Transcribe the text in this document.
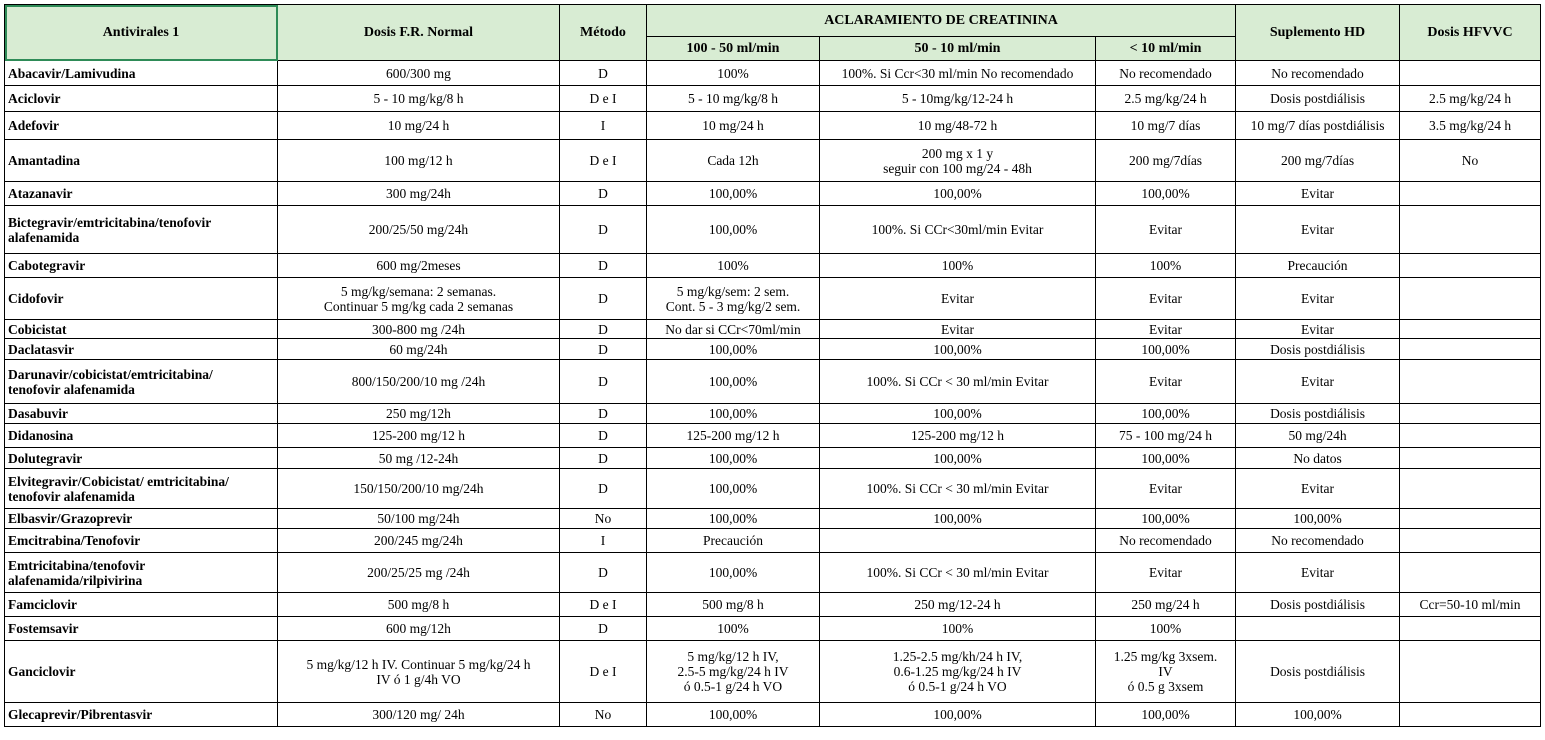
Antivirales 1	Dosis F.R. Normal	Método	ACLARAMIENTO DE CREATININA			Suplemento HD	Dosis HFVVC
			100 - 50 ml/min	50 - 10 ml/min	< 10 ml/min		

Abacavir/Lamivudina	600/300 mg	D	100%	100%. Si Ccr<30 ml/min No recomendado	No recomendado	No recomendado	

Aciclovir	5 - 10 mg/kg/8 h	D e I	5 - 10 mg/kg/8 h	5 - 10mg/kg/12-24 h	2.5 mg/kg/24 h	Dosis postdiálisis	2.5 mg/kg/24 h

Adefovir	10 mg/24 h	I	10 mg/24 h	10 mg/48-72 h	10 mg/7 días	10 mg/7 días postdiálisis	3.5 mg/kg/24 h

Amantadina	100 mg/12 h	D e I	Cada 12h	200 mg x 1 y
seguir con 100 mg/24 - 48h	200 mg/7días	200 mg/7días	No

Atazanavir	300 mg/24h	D	100,00%	100,00%	100,00%	Evitar	

Bictegravir/emtricitabina/tenofovir
alafenamida	200/25/50 mg/24h	D	100,00%	100%. Si CCr<30ml/min Evitar	Evitar	Evitar	

Cabotegravir	600 mg/2meses	D	100%	100%	100%	Precaución	

Cidofovir	5 mg/kg/semana: 2 semanas.
Continuar 5 mg/kg cada 2 semanas	D	5 mg/kg/sem: 2 sem.
Cont. 5 - 3 mg/kg/2 sem.	Evitar	Evitar	Evitar	

Cobicistat	300-800 mg /24h	D	No dar si CCr<70ml/min	Evitar	Evitar	Evitar	

Daclatasvir	60 mg/24h	D	100,00%	100,00%	100,00%	Dosis postdiálisis	

Darunavir/cobicistat/emtricitabina/
tenofovir alafenamida	800/150/200/10 mg /24h	D	100,00%	100%. Si CCr < 30 ml/min Evitar	Evitar	Evitar	

Dasabuvir	250 mg/12h	D	100,00%	100,00%	100,00%	Dosis postdiálisis	

Didanosina	125-200 mg/12 h	D	125-200 mg/12 h	125-200 mg/12 h	75 - 100 mg/24 h	50 mg/24h	

Dolutegravir	50 mg /12-24h	D	100,00%	100,00%	100,00%	No datos	

Elvitegravir/Cobicistat/ emtricitabina/
tenofovir alafenamida	150/150/200/10 mg/24h	D	100,00%	100%. Si CCr < 30 ml/min Evitar	Evitar	Evitar	

Elbasvir/Grazoprevir	50/100 mg/24h	No	100,00%	100,00%	100,00%	100,00%	

Emcitrabina/Tenofovir	200/245 mg/24h	I	Precaución		No recomendado	No recomendado	

Emtricitabina/tenofovir
alafenamida/rilpivirina	200/25/25 mg /24h	D	100,00%	100%. Si CCr < 30 ml/min Evitar	Evitar	Evitar	

Famciclovir	500 mg/8 h	D e I	500 mg/8 h	250 mg/12-24 h	250 mg/24 h	Dosis postdiálisis	Ccr=50-10 ml/min

Fostemsavir	600 mg/12h	D	100%	100%	100%		

Ganciclovir	5 mg/kg/12 h IV. Continuar 5 mg/kg/24 h
IV ó 1 g/4h VO	D e I	5 mg/kg/12 h IV,
2.5-5 mg/kg/24 h IV
ó 0.5-1 g/24 h VO	1.25-2.5 mg/kh/24 h IV,
0.6-1.25 mg/kg/24 h IV
ó 0.5-1 g/24 h VO	1.25 mg/kg 3xsem.
IV
ó 0.5 g 3xsem	Dosis postdiálisis	

Glecaprevir/Pibrentasvir	300/120 mg/ 24h	No	100,00%	100,00%	100,00%	100,00%	
